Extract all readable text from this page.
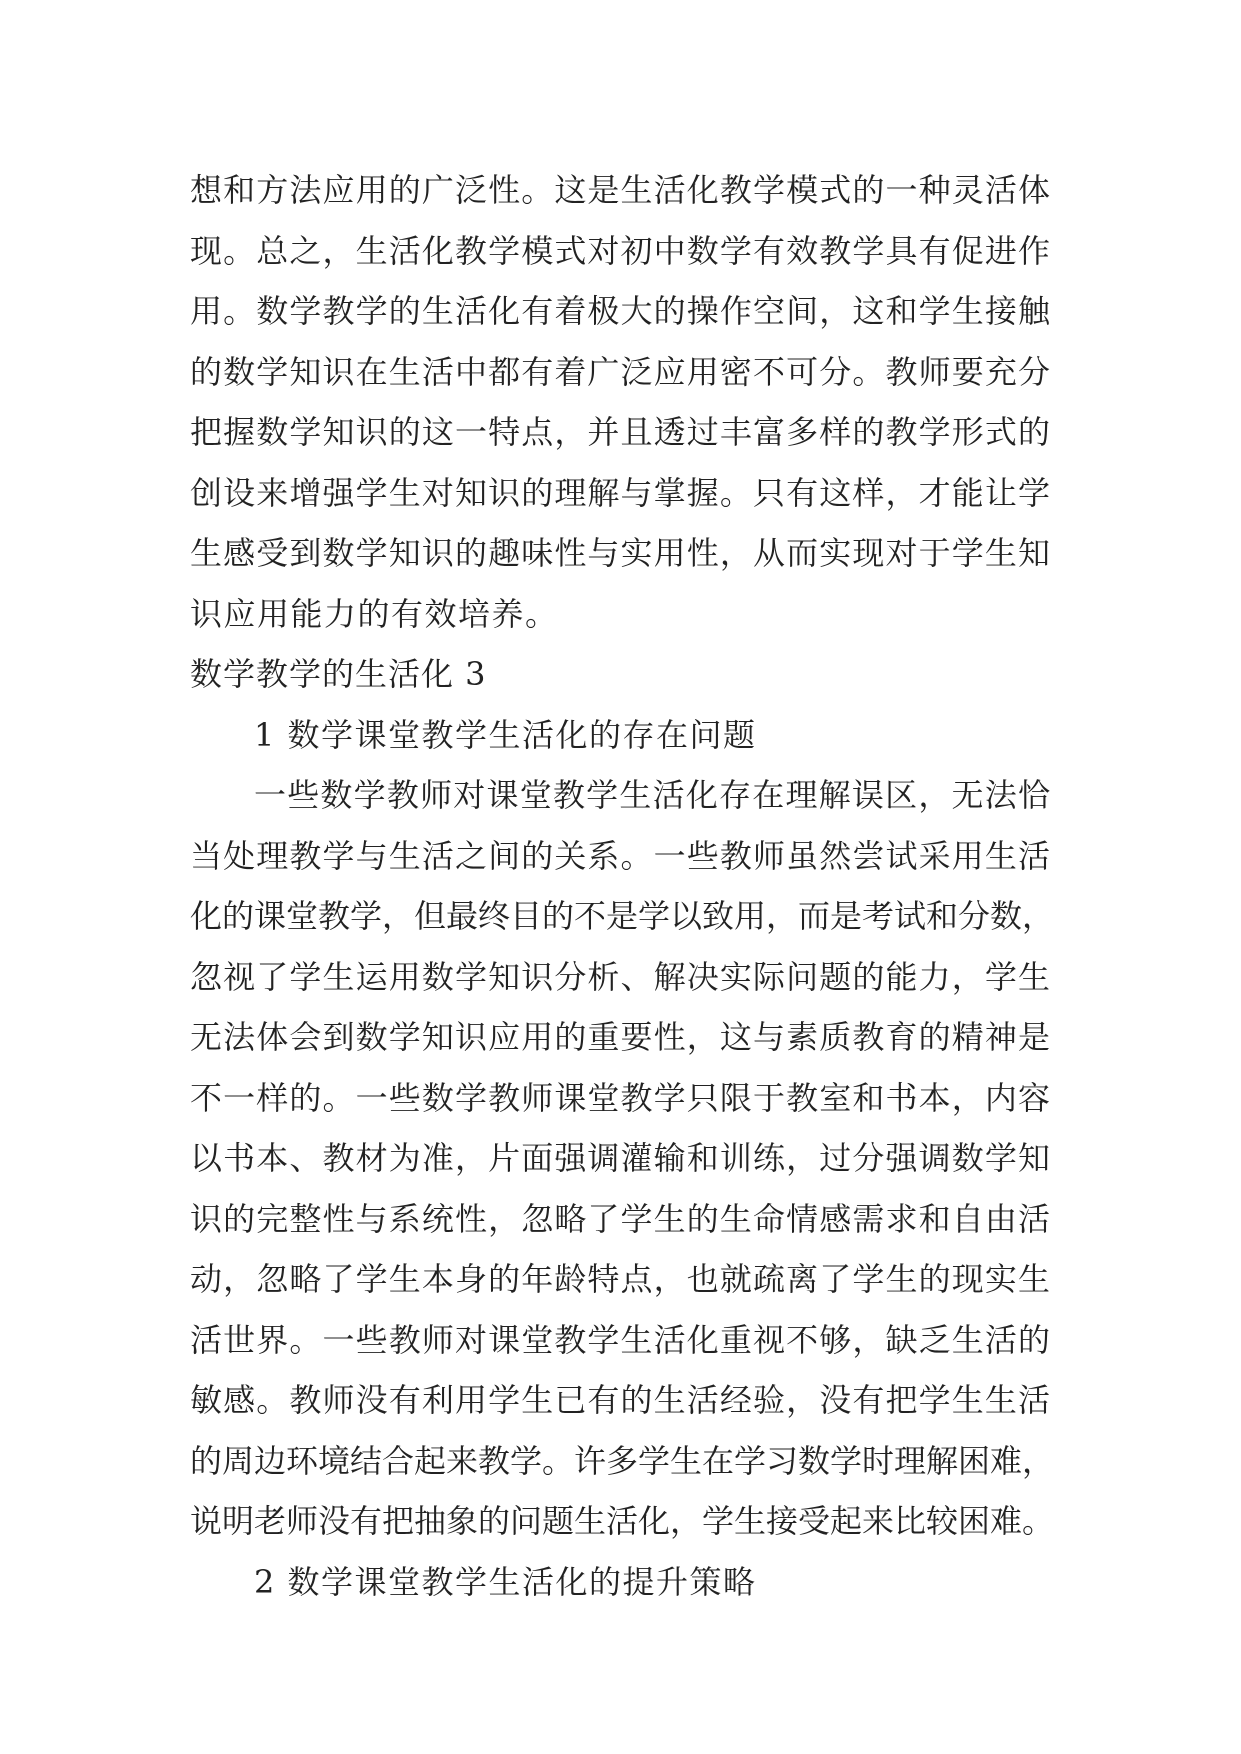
想和方法应用的广泛性。这是生活化教学模式的一种灵活体
现。总之，生活化教学模式对初中数学有效教学具有促进作
用。数学教学的生活化有着极大的操作空间，这和学生接触
的数学知识在生活中都有着广泛应用密不可分。教师要充分
把握数学知识的这一特点，并且透过丰富多样的教学形式的
创设来增强学生对知识的理解与掌握。只有这样，才能让学
生感受到数学知识的趣味性与实用性，从而实现对于学生知
识应用能力的有效培养。
数学教学的生活化 3
1 数学课堂教学生活化的存在问题
一些数学教师对课堂教学生活化存在理解误区，无法恰
当处理教学与生活之间的关系。一些教师虽然尝试采用生活
化的课堂教学，但最终目的不是学以致用，而是考试和分数，
忽视了学生运用数学知识分析、解决实际问题的能力，学生
无法体会到数学知识应用的重要性，这与素质教育的精神是
不一样的。一些数学教师课堂教学只限于教室和书本，内容
以书本、教材为准，片面强调灌输和训练，过分强调数学知
识的完整性与系统性，忽略了学生的生命情感需求和自由活
动，忽略了学生本身的年龄特点，也就疏离了学生的现实生
活世界。一些教师对课堂教学生活化重视不够，缺乏生活的
敏感。教师没有利用学生已有的生活经验，没有把学生生活
的周边环境结合起来教学。许多学生在学习数学时理解困难，
说明老师没有把抽象的问题生活化，学生接受起来比较困难。
2 数学课堂教学生活化的提升策略
